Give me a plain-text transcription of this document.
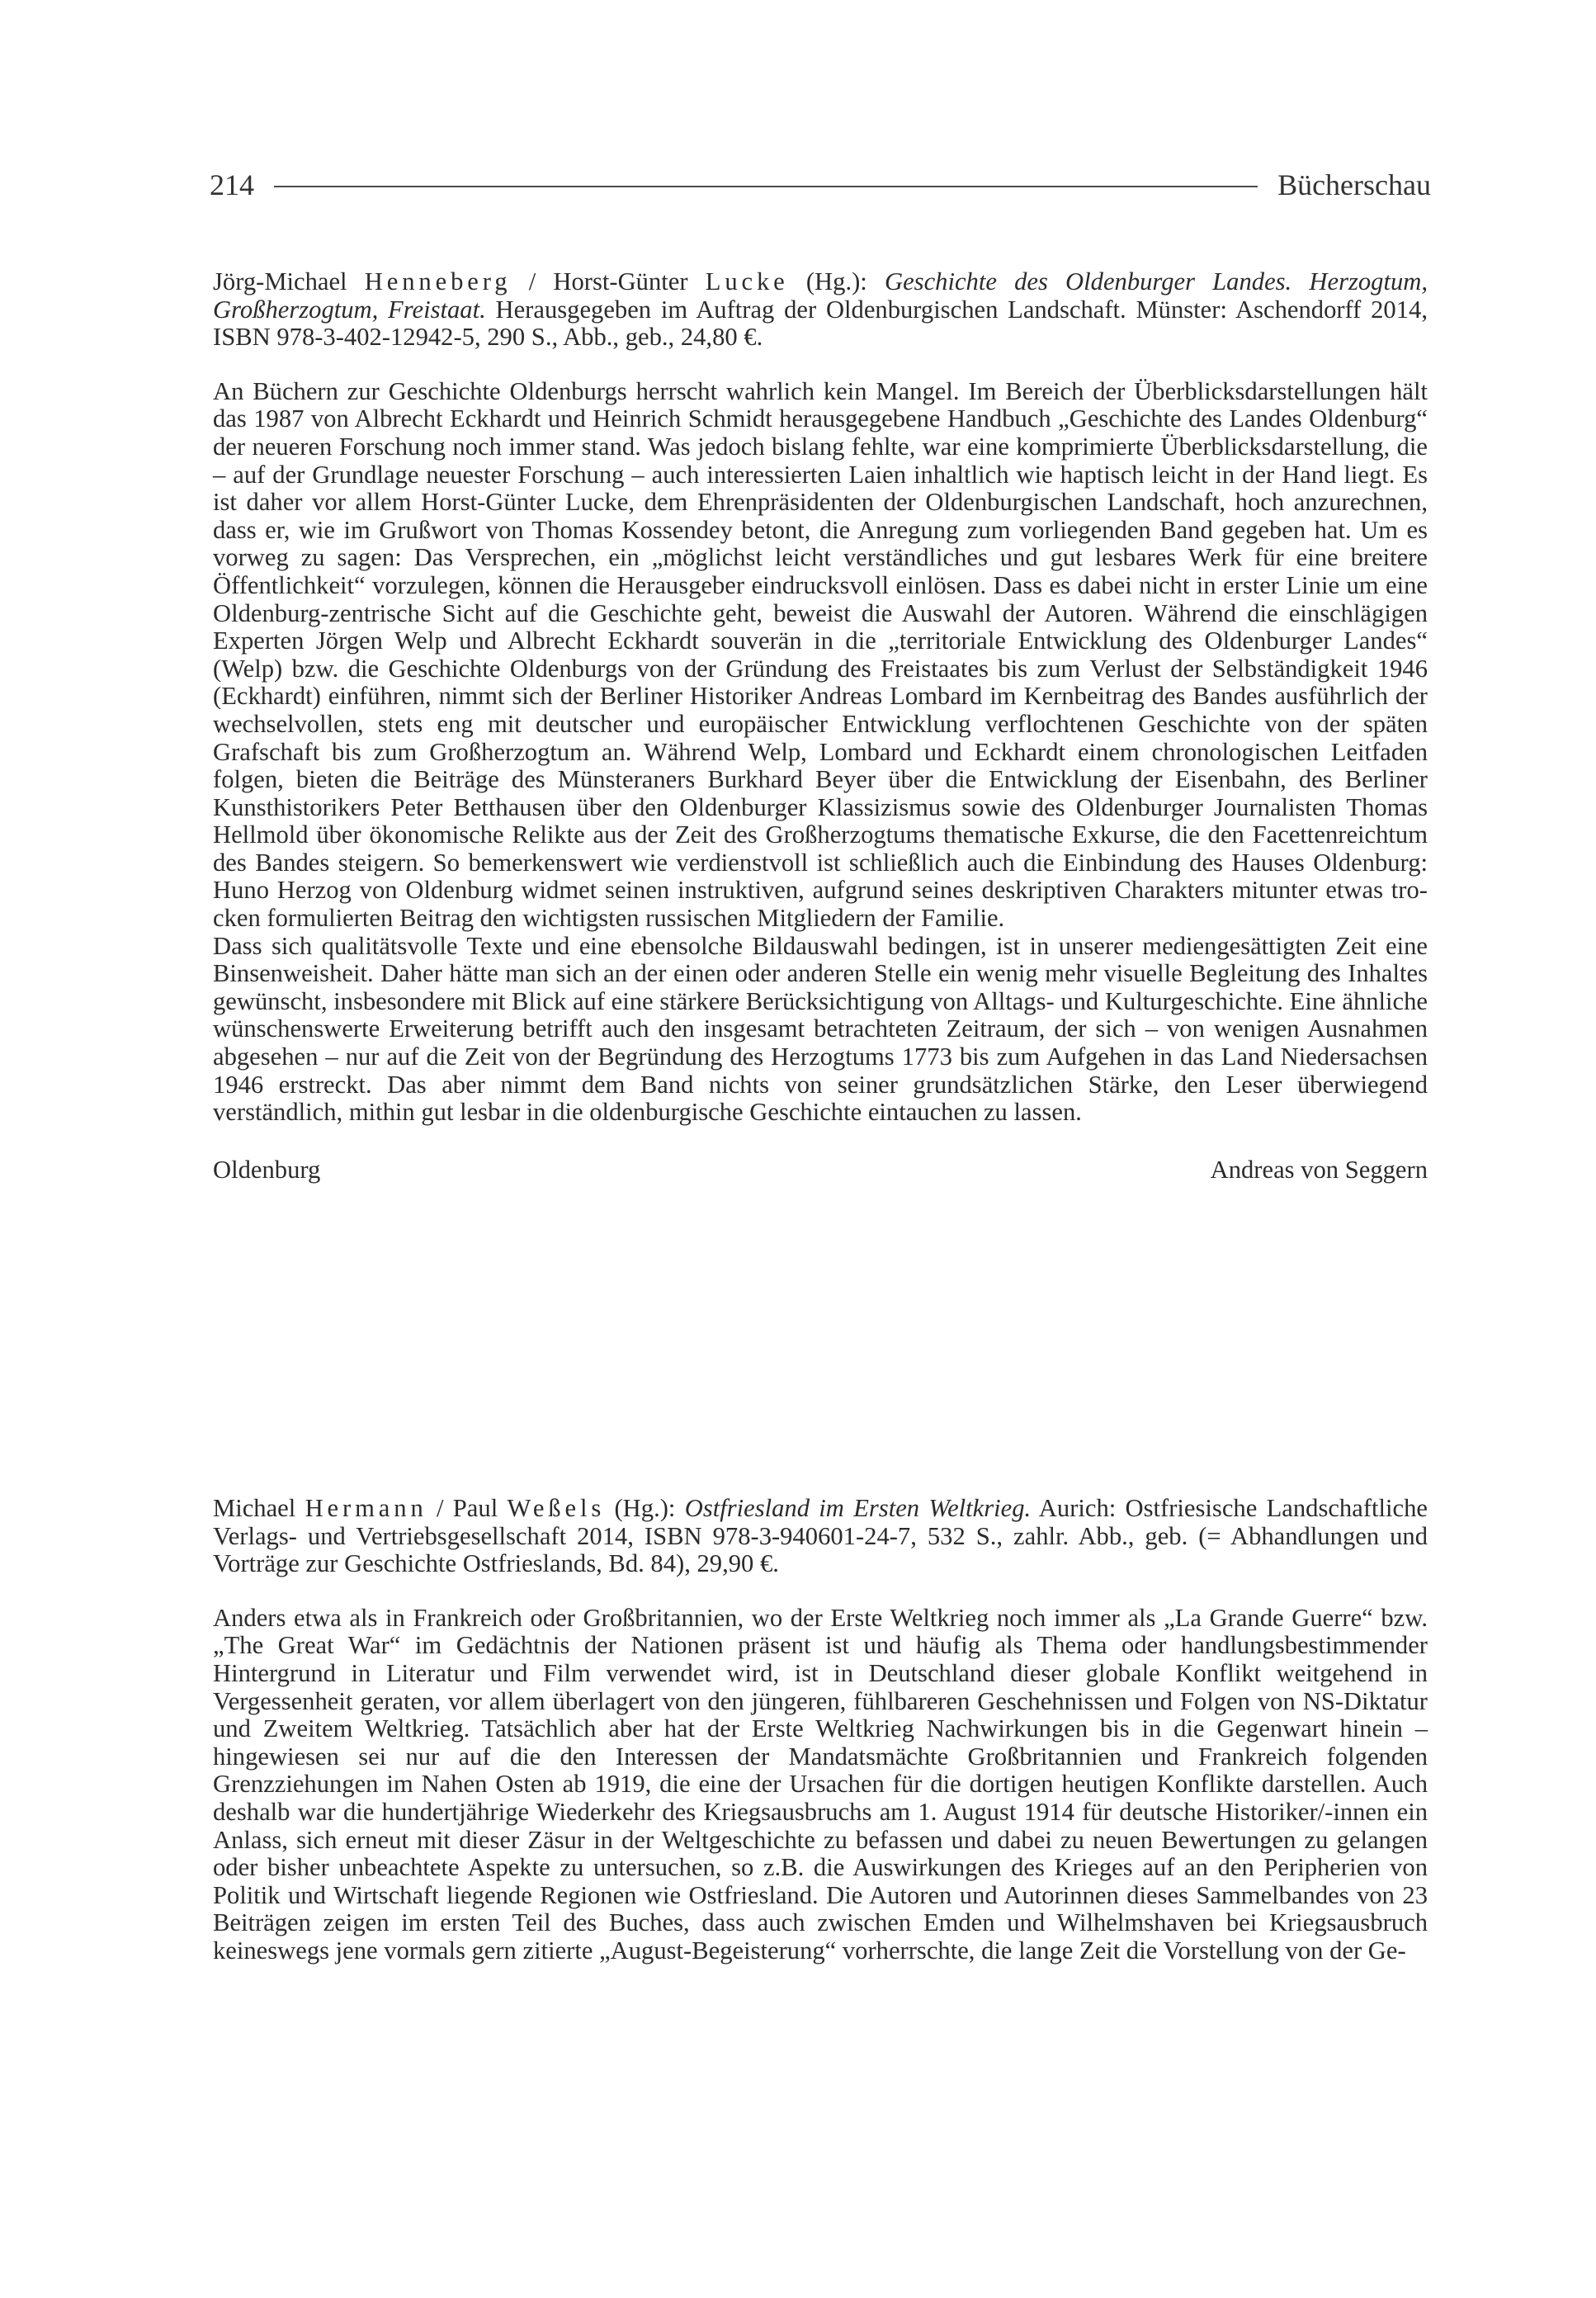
214	Bücherschau

Jörg-Michael Henneberg / Horst-Günter Lucke (Hg.): Geschichte des Oldenburger Landes. Herzogtum, Großherzogtum, Freistaat. Herausgegeben im Auftrag der Oldenburgischen Landschaft. Münster: Aschendorff 2014, ISBN 978-3-402-12942-5, 290 S., Abb., geb., 24,80 €.

An Büchern zur Geschichte Oldenburgs herrscht wahrlich kein Mangel. Im Bereich der Überblicksdarstellungen hält das 1987 von Albrecht Eckhardt und Heinrich Schmidt herausgegebene Handbuch „Geschichte des Landes Oldenburg“ der neueren Forschung noch immer stand. Was jedoch bislang fehlte, war eine komprimierte Überblicksdarstellung, die – auf der Grundlage neuester Forschung – auch interessierten Laien inhaltlich wie haptisch leicht in der Hand liegt. Es ist daher vor allem Horst-Günter Lucke, dem Ehrenpräsidenten der Oldenburgischen Landschaft, hoch anzurechnen, dass er, wie im Grußwort von Thomas Kossendey betont, die Anregung zum vorliegenden Band gegeben hat. Um es vorweg zu sagen: Das Versprechen, ein „möglichst leicht verständliches und gut lesbares Werk für eine breitere Öffentlichkeit“ vorzulegen, können die Herausgeber eindrucksvoll einlösen. Dass es dabei nicht in erster Linie um eine Oldenburg-zentrische Sicht auf die Geschichte geht, beweist die Auswahl der Autoren. Während die einschlägigen Experten Jörgen Welp und Albrecht Eckhardt souverän in die „territoriale Entwicklung des Oldenburger Landes“ (Welp) bzw. die Geschichte Oldenburgs von der Gründung des Freistaates bis zum Verlust der Selbständigkeit 1946 (Eckhardt) einführen, nimmt sich der Berliner Historiker Andreas Lombard im Kernbeitrag des Bandes ausführlich der wechselvollen, stets eng mit deutscher und europäischer Entwicklung verflochtenen Geschichte von der späten Grafschaft bis zum Großherzogtum an. Während Welp, Lombard und Eckhardt einem chronologischen Leitfaden folgen, bieten die Beiträge des Münsteraners Burkhard Beyer über die Entwicklung der Eisenbahn, des Berliner Kunsthistorikers Peter Betthausen über den Oldenburger Klassizismus sowie des Oldenburger Journalisten Thomas Hellmold über ökonomische Relikte aus der Zeit des Großherzogtums thematische Exkurse, die den Facettenreichtum des Bandes steigern. So bemerkenswert wie verdienstvoll ist schließlich auch die Einbindung des Hauses Oldenburg: Huno Herzog von Oldenburg widmet seinen instruktiven, aufgrund seines deskriptiven Charakters mitunter etwas trocken formulierten Beitrag den wichtigsten russischen Mitgliedern der Familie.
Dass sich qualitätsvolle Texte und eine ebensolche Bildauswahl bedingen, ist in unserer mediengesättigten Zeit eine Binsenweisheit. Daher hätte man sich an der einen oder anderen Stelle ein wenig mehr visuelle Begleitung des Inhaltes gewünscht, insbesondere mit Blick auf eine stärkere Berücksichtigung von Alltags- und Kulturgeschichte. Eine ähnliche wünschenswerte Erweiterung betrifft auch den insgesamt betrachteten Zeitraum, der sich – von wenigen Ausnahmen abgesehen – nur auf die Zeit von der Begründung des Herzogtums 1773 bis zum Aufgehen in das Land Niedersachsen 1946 erstreckt. Das aber nimmt dem Band nichts von seiner grundsätzlichen Stärke, den Leser überwiegend verständlich, mithin gut lesbar in die oldenburgische Geschichte eintauchen zu lassen.

Oldenburg	Andreas von Seggern

Michael Hermann / Paul Weßels (Hg.): Ostfriesland im Ersten Weltkrieg. Aurich: Ostfriesische Landschaftliche Verlags- und Vertriebsgesellschaft 2014, ISBN 978-3-940601-24-7, 532 S., zahlr. Abb., geb. (= Abhandlungen und Vorträge zur Geschichte Ostfrieslands, Bd. 84), 29,90 €.

Anders etwa als in Frankreich oder Großbritannien, wo der Erste Weltkrieg noch immer als „La Grande Guerre“ bzw. „The Great War“ im Gedächtnis der Nationen präsent ist und häufig als Thema oder handlungsbestimmender Hintergrund in Literatur und Film verwendet wird, ist in Deutschland dieser globale Konflikt weitgehend in Vergessenheit geraten, vor allem überlagert von den jüngeren, fühlbareren Geschehnissen und Folgen von NS-Diktatur und Zweitem Weltkrieg. Tatsächlich aber hat der Erste Weltkrieg Nachwirkungen bis in die Gegenwart hinein – hingewiesen sei nur auf die den Interessen der Mandatsmächte Großbritannien und Frankreich folgenden Grenzziehungen im Nahen Osten ab 1919, die eine der Ursachen für die dortigen heutigen Konflikte darstellen. Auch deshalb war die hundertjährige Wiederkehr des Kriegsausbruchs am 1. August 1914 für deutsche Historiker/-innen ein Anlass, sich erneut mit dieser Zäsur in der Weltgeschichte zu befassen und dabei zu neuen Bewertungen zu gelangen oder bisher unbeachtete Aspekte zu untersuchen, so z.B. die Auswirkungen des Krieges auf an den Peripherien von Politik und Wirtschaft liegende Regionen wie Ostfriesland. Die Autoren und Autorinnen dieses Sammelbandes von 23 Beiträgen zeigen im ersten Teil des Buches, dass auch zwischen Emden und Wilhelmshaven bei Kriegsausbruch keineswegs jene vormals gern zitierte „August-Begeisterung“ vorherrschte, die lange Zeit die Vorstellung von der Ge-
